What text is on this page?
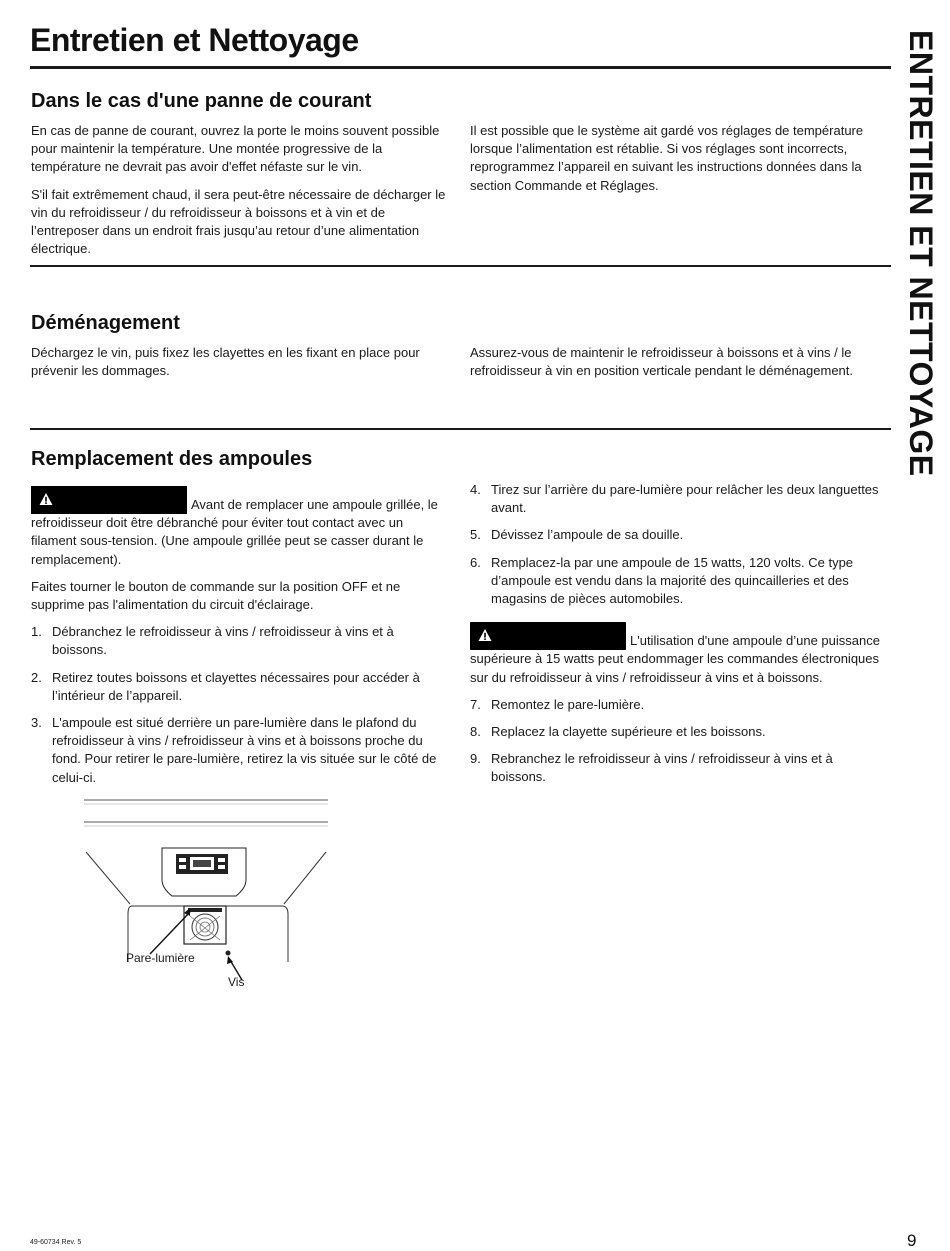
Entretien et Nettoyage	ENTRETIEN ET NETTOYAGE
Dans le cas d'une panne de courant

En cas de panne de courant, ouvrez la porte le moins souvent possible pour maintenir la température. Une montée progressive de la température ne devrait pas avoir d'effet néfaste sur le vin.

S'il fait extrêmement chaud, il sera peut-être nécessaire de décharger le vin du refroidisseur / du refroidisseur à boissons et à vin et de l’entreposer dans un endroit frais jusqu’au retour d’une alimentation électrique.

Il est possible que le système ait gardé vos réglages de température lorsque l’alimentation est rétablie. Si vos réglages sont incorrects, reprogrammez l’appareil en suivant les instructions données dans la section Commande et Réglages.

Déménagement

Déchargez le vin, puis fixez les clayettes en les fixant en place pour prévenir les dommages.

Assurez-vous de maintenir le refroidisseur à boissons et à vins / le refroidisseur à vin en position verticale pendant le déménagement.

Remplacement des ampoules

Avant de remplacer une ampoule grillée, le refroidisseur doit être débranché pour éviter tout contact avec un filament sous-tension. (Une ampoule grillée peut se casser durant le remplacement).

Faites tourner le bouton de commande sur la position OFF et ne supprime pas l'alimentation du circuit d'éclairage.

1. Débranchez le refroidisseur à vins / refroidisseur à vins et à boissons.
2. Retirez toutes boissons et clayettes nécessaires pour accéder à l’intérieur de l’appareil.
3. L'ampoule est situé derrière un pare-lumière dans le plafond du refroidisseur à vins / refroidisseur à vins et à boissons proche du fond. Pour retirer le pare-lumière, retirez la vis située sur le côté de celui-ci.
4. Tirez sur l’arrière du pare-lumière pour relâcher les deux languettes avant.
5. Dévissez l’ampoule de sa douille.
6. Remplacez-la par une ampoule de 15 watts, 120 volts. Ce type d’ampoule est vendu dans la majorité des quincailleries et des magasins de pièces automobiles.

L'utilisation d'une ampoule d’une puissance supérieure à 15 watts peut endommager les commandes électroniques sur du refroidisseur à vins / refroidisseur à vins et à boissons.

7. Remontez le pare-lumière.
8. Replacez la clayette supérieure et les boissons.
9. Rebranchez le refroidisseur à vins / refroidisseur à vins et à boissons.
Pare-lumière
Vis
49-60734 Rev. 5	9
